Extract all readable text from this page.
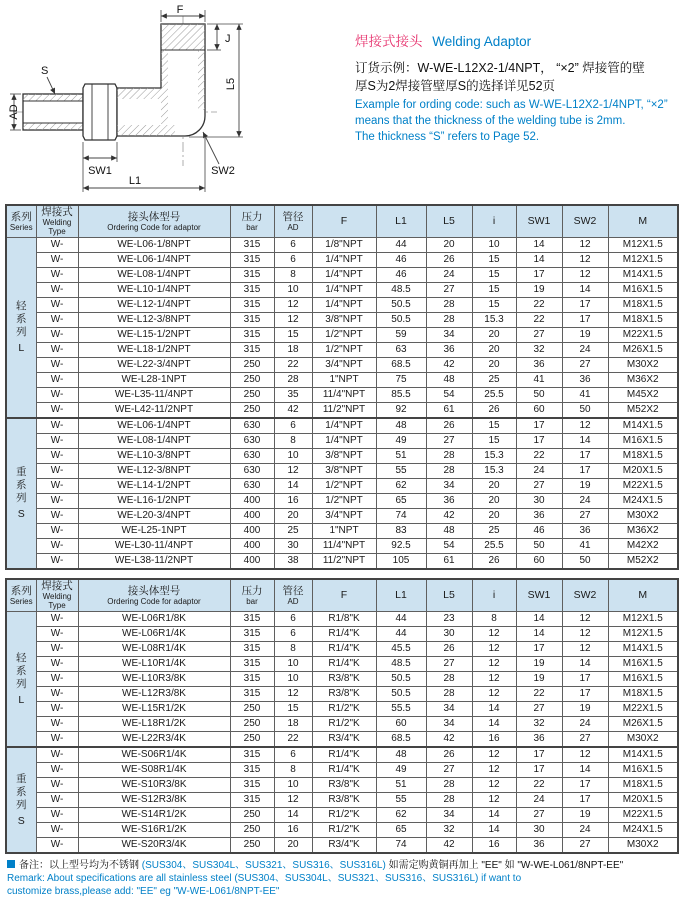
F
J
L5
S
AD
SW1
L1
SW2

焊接式接头 Welding Adaptor

订货示例：W-WE-L12X2-1/4NPT， “×2” 焊接管的壁
厚S为2焊接管壁厚S的选择详见52页
Example for ording code: such as W-WE-L12X2-1/4NPT, “×2”
means that the thickness of the welding tube is 2mm.
The thickness “S” refers to Page 52.
系列
Series

焊接式
Welding
Type

接头体型号
Ordering Code for adaptor

压力
bar

管径
AD	F	L1	L5	i	SW1	SW2	M

轻
系
列
L	W-	WE-L06-1/8NPT	315	6	1/8"NPT	44	20	10	14	12	M12X1.5
	W-	WE-L06-1/4NPT	315	6	1/4"NPT	46	26	15	14	12	M12X1.5
	W-	WE-L08-1/4NPT	315	8	1/4"NPT	46	24	15	17	12	M14X1.5
	W-	WE-L10-1/4NPT	315	10	1/4"NPT	48.5	27	15	19	14	M16X1.5
	W-	WE-L12-1/4NPT	315	12	1/4"NPT	50.5	28	15	22	17	M18X1.5
	W-	WE-L12-3/8NPT	315	12	3/8"NPT	50.5	28	15.3	22	17	M18X1.5
	W-	WE-L15-1/2NPT	315	15	1/2"NPT	59	34	20	27	19	M22X1.5
	W-	WE-L18-1/2NPT	315	18	1/2"NPT	63	36	20	32	24	M26X1.5
	W-	WE-L22-3/4NPT	250	22	3/4"NPT	68.5	42	20	36	27	M30X2
	W-	WE-L28-1NPT	250	28	1"NPT	75	48	25	41	36	M36X2
	W-	WE-L35-11/4NPT	250	35	11/4"NPT	85.5	54	25.5	50	41	M45X2
	W-	WE-L42-11/2NPT	250	42	11/2"NPT	92	61	26	60	50	M52X2

重
系
列
S	W-	WE-L06-1/4NPT	630	6	1/4"NPT	48	26	15	17	12	M14X1.5
	W-	WE-L08-1/4NPT	630	8	1/4"NPT	49	27	15	17	14	M16X1.5
	W-	WE-L10-3/8NPT	630	10	3/8"NPT	51	28	15.3	22	17	M18X1.5
	W-	WE-L12-3/8NPT	630	12	3/8"NPT	55	28	15.3	24	17	M20X1.5
	W-	WE-L14-1/2NPT	630	14	1/2"NPT	62	34	20	27	19	M22X1.5
	W-	WE-L16-1/2NPT	400	16	1/2"NPT	65	36	20	30	24	M24X1.5
	W-	WE-L20-3/4NPT	400	20	3/4"NPT	74	42	20	36	27	M30X2
	W-	WE-L25-1NPT	400	25	1"NPT	83	48	25	46	36	M36X2
	W-	WE-L30-11/4NPT	400	30	11/4"NPT	92.5	54	25.5	50	41	M42X2
	W-	WE-L38-11/2NPT	400	38	11/2"NPT	105	61	26	60	50	M52X2
系列
Series

焊接式
Welding
Type

接头体型号
Ordering Code for adaptor

压力
bar

管径
AD	F	L1	L5	i	SW1	SW2	M

轻
系
列
L	W-	WE-L06R1/8K	315	6	R1/8"K	44	23	8	14	12	M12X1.5
	W-	WE-L06R1/4K	315	6	R1/4"K	44	30	12	14	12	M12X1.5
	W-	WE-L08R1/4K	315	8	R1/4"K	45.5	26	12	17	12	M14X1.5
	W-	WE-L10R1/4K	315	10	R1/4"K	48.5	27	12	19	14	M16X1.5
	W-	WE-L10R3/8K	315	10	R3/8"K	50.5	28	12	19	17	M16X1.5
	W-	WE-L12R3/8K	315	12	R3/8"K	50.5	28	12	22	17	M18X1.5
	W-	WE-L15R1/2K	250	15	R1/2"K	55.5	34	14	27	19	M22X1.5
	W-	WE-L18R1/2K	250	18	R1/2"K	60	34	14	32	24	M26X1.5
	W-	WE-L22R3/4K	250	22	R3/4"K	68.5	42	16	36	27	M30X2

重
系
列
S	W-	WE-S06R1/4K	315	6	R1/4"K	48	26	12	17	12	M14X1.5
	W-	WE-S08R1/4K	315	8	R1/4"K	49	27	12	17	14	M16X1.5
	W-	WE-S10R3/8K	315	10	R3/8"K	51	28	12	22	17	M18X1.5
	W-	WE-S12R3/8K	315	12	R3/8"K	55	28	12	24	17	M20X1.5
	W-	WE-S14R1/2K	250	14	R1/2"K	62	34	14	27	19	M22X1.5
	W-	WE-S16R1/2K	250	16	R1/2"K	65	32	14	30	24	M24X1.5
	W-	WE-S20R3/4K	250	20	R3/4"K	74	42	16	36	27	M30X2
备注：以上型号均为不锈钢 (SUS304、SUS304L、SUS321、SUS316、SUS316L) 如需定购黄铜再加上 "EE" 如 "W-WE-L061/8NPT-EE"
Remark: About specifications are all stainless steel (SUS304、SUS304L、SUS321、SUS316、SUS316L) if want to
customize brass,please add: "EE" eg "W-WE-L061/8NPT-EE"
